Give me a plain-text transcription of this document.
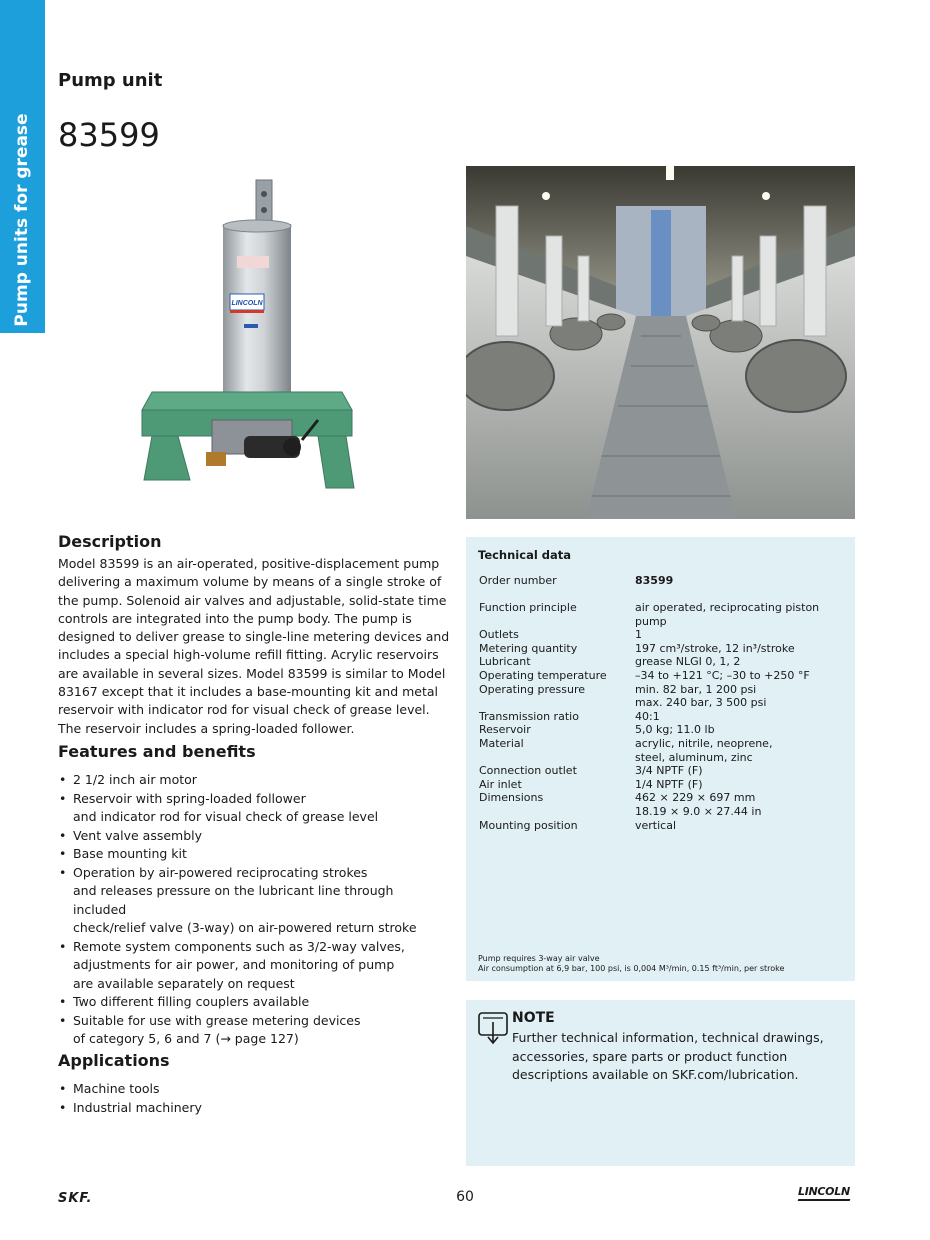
Pump units for grease
Pump unit
83599
LINCOLN
Description

Model 83599 is an air-operated, positive-displacement pump delivering a maximum volume by means of a single stroke of the pump. Solenoid air valves and adjustable, solid-state time controls are integrated into the pump body. The pump is designed to deliver grease to single-line metering devices and includes a special high-volume refill fitting. Acrylic reservoirs are available in several sizes. Model 83599 is similar to Model 83167 except that it includes a base-mounting kit and metal reservoir with indicator rod for visual check of grease level. The reservoir includes a spring-loaded follower.

Features and benefits
• 2 1/2 inch air motor
• Reservoir with spring-loaded follower
and indicator rod for visual check of grease level
• Vent valve assembly
• Base mounting kit
• Operation by air-powered reciprocating strokes
and releases pressure on the lubricant line through included
check/relief valve (3-way) on air-powered return stroke
• Remote system components such as 3/2-way valves,
adjustments for air power, and monitoring of pump
are available separately on request
• Two different filling couplers available
• Suitable for use with grease metering devices
of category 5, 6 and 7 (→ page 127)
Applications
• Machine tools
• Industrial machinery
Technical data
Order number	83599
Function principle	air operated, reciprocating piston pump
Outlets	1
Metering quantity	197 cm³/stroke, 12 in³/stroke
Lubricant	grease NLGI 0, 1, 2
Operating temperature	–34 to +121 °C; –30 to +250 °F
Operating pressure	min. 82 bar, 1 200 psi
max. 240 bar, 3 500 psi
Transmission ratio	40:1
Reservoir	5,0 kg; 11.0 lb
Material	acrylic, nitrile, neoprene,
steel, aluminum, zinc
Connection outlet	3/4 NPTF (F)
Air inlet	1/4 NPTF (F)
Dimensions	462 × 229 × 697 mm
18.19 × 9.0 × 27.44 in
Mounting position	vertical
Pump requires 3-way air valve
Air consumption at 6,9 bar, 100 psi, is 0,004 M³/min, 0.15 ft³/min, per stroke
NOTE
Further technical information, technical drawings, accessories, spare parts or product function descriptions available on SKF.com/lubrication.
SKF.	60	LINCOLN
